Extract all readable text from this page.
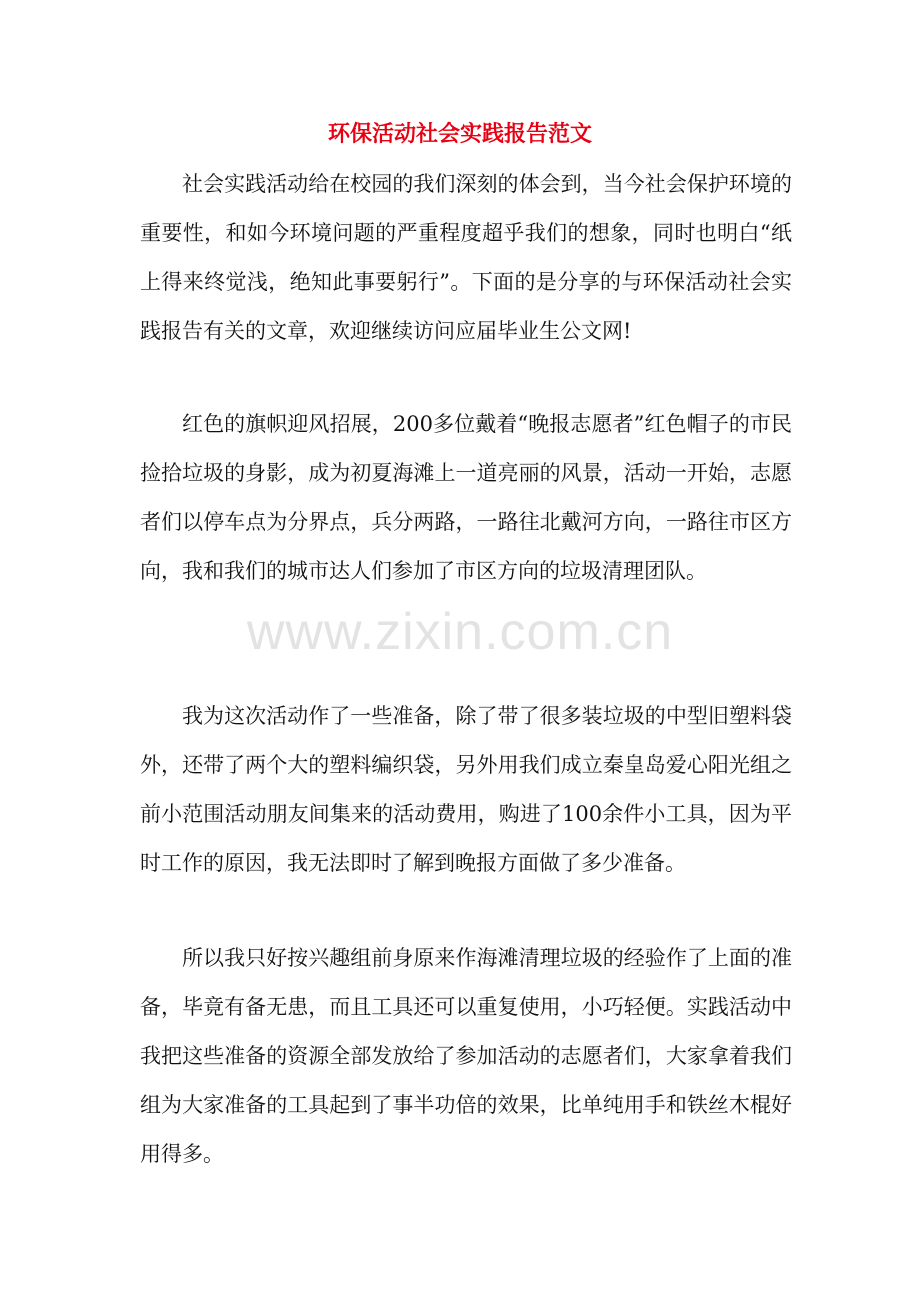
环保活动社会实践报告范文

社会实践活动给在校园的我们深刻的体会到，当今社会保护环境的重要性，和如今环境问题的严重程度超乎我们的想象，同时也明白“纸上得来终觉浅，绝知此事要躬行”。下面的是分享的与环保活动社会实践报告有关的文章，欢迎继续访问应届毕业生公文网!

红色的旗帜迎风招展，200多位戴着“晚报志愿者”红色帽子的市民捡拾垃圾的身影，成为初夏海滩上一道亮丽的风景，活动一开始，志愿者们以停车点为分界点，兵分两路，一路往北戴河方向，一路往市区方向，我和我们的城市达人们参加了市区方向的垃圾清理团队。

我为这次活动作了一些准备，除了带了很多装垃圾的中型旧塑料袋外，还带了两个大的塑料编织袋，另外用我们成立秦皇岛爱心阳光组之前小范围活动朋友间集来的活动费用，购进了100余件小工具，因为平时工作的原因，我无法即时了解到晚报方面做了多少准备。

所以我只好按兴趣组前身原来作海滩清理垃圾的经验作了上面的准备，毕竟有备无患，而且工具还可以重复使用，小巧轻便。实践活动中我把这些准备的资源全部发放给了参加活动的志愿者们，大家拿着我们组为大家准备的工具起到了事半功倍的效果，比单纯用手和铁丝木棍好用得多。

www.zixin.com.cn
